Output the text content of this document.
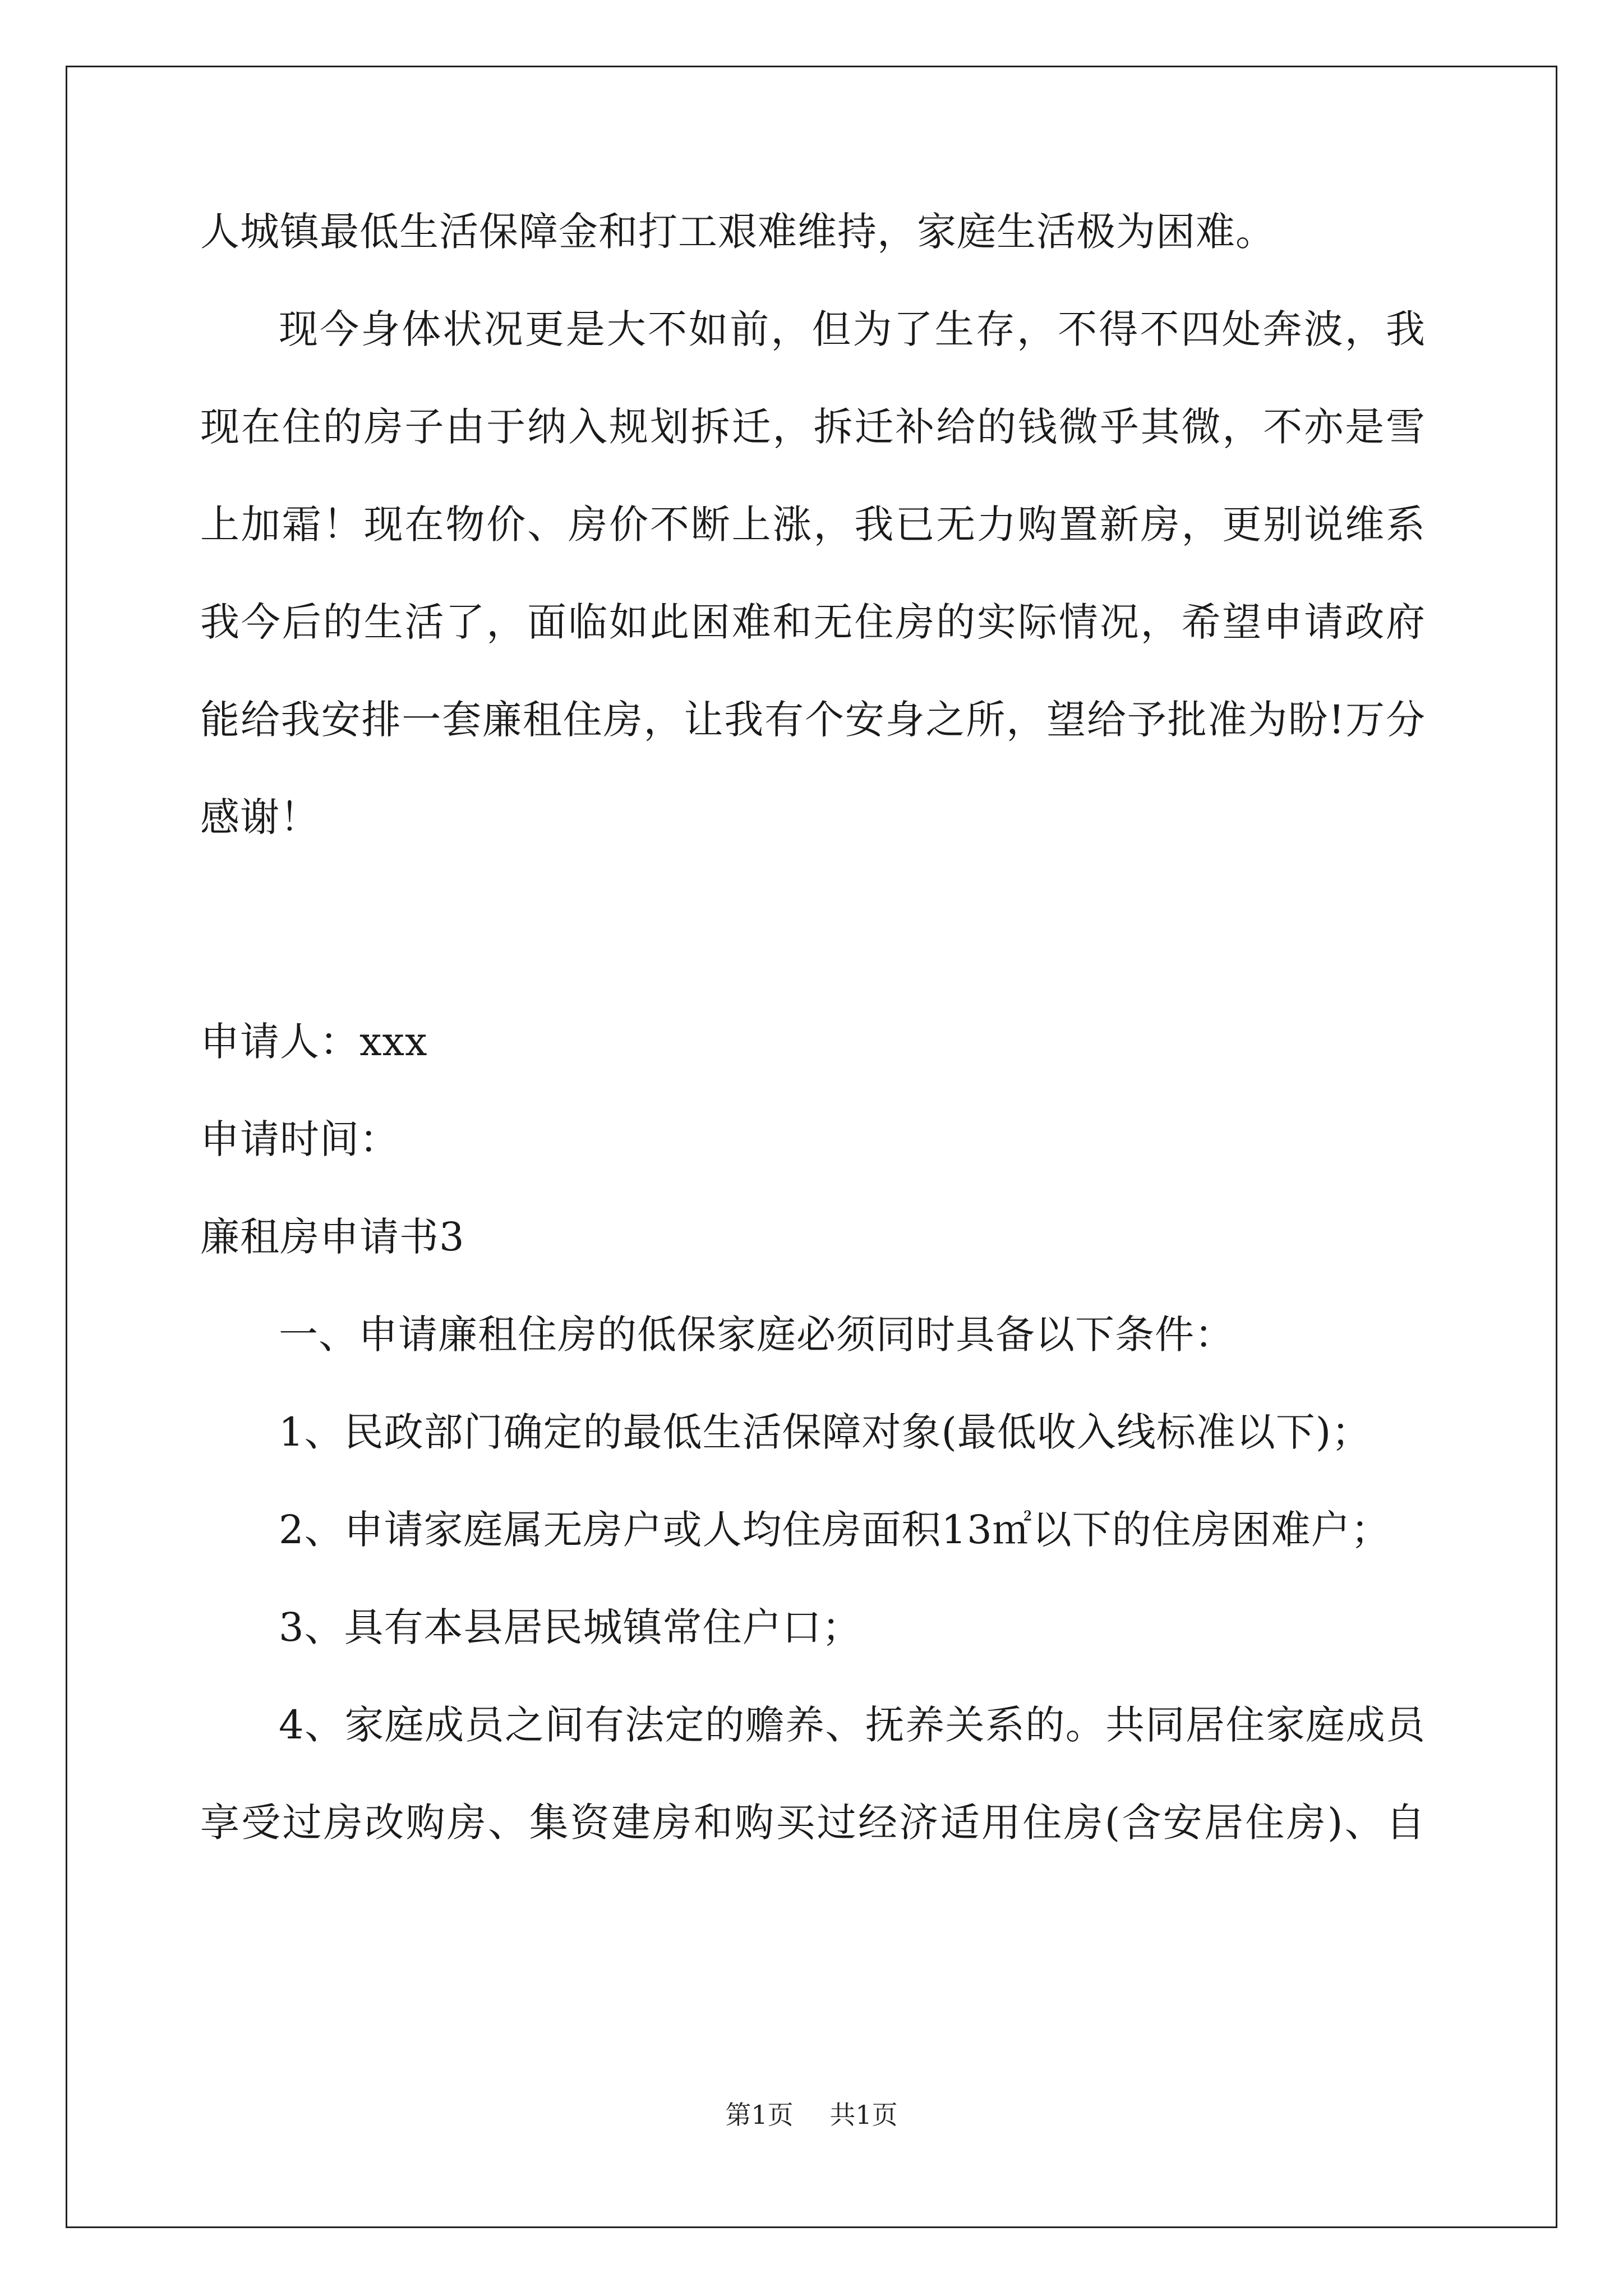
人城镇最低生活保障金和打工艰难维持，家庭生活极为困难。
现今身体状况更是大不如前，但为了生存，不得不四处奔波，我
现在住的房子由于纳入规划拆迁，拆迁补给的钱微乎其微，不亦是雪
上加霜！现在物价、房价不断上涨，我已无力购置新房，更别说维系
我今后的生活了，面临如此困难和无住房的实际情况，希望申请政府
能给我安排一套廉租住房，让我有个安身之所，望给予批准为盼!万分
感谢！
申请人：xxx
申请时间：
廉租房申请书3
一、申请廉租住房的低保家庭必须同时具备以下条件：
1、民政部门确定的最低生活保障对象(最低收入线标准以下)；
2、申请家庭属无房户或人均住房面积13㎡以下的住房困难户；
3、具有本县居民城镇常住户口；
4、家庭成员之间有法定的赡养、抚养关系的。共同居住家庭成员
享受过房改购房、集资建房和购买过经济适用住房(含安居住房)、自
第1页 共1页
